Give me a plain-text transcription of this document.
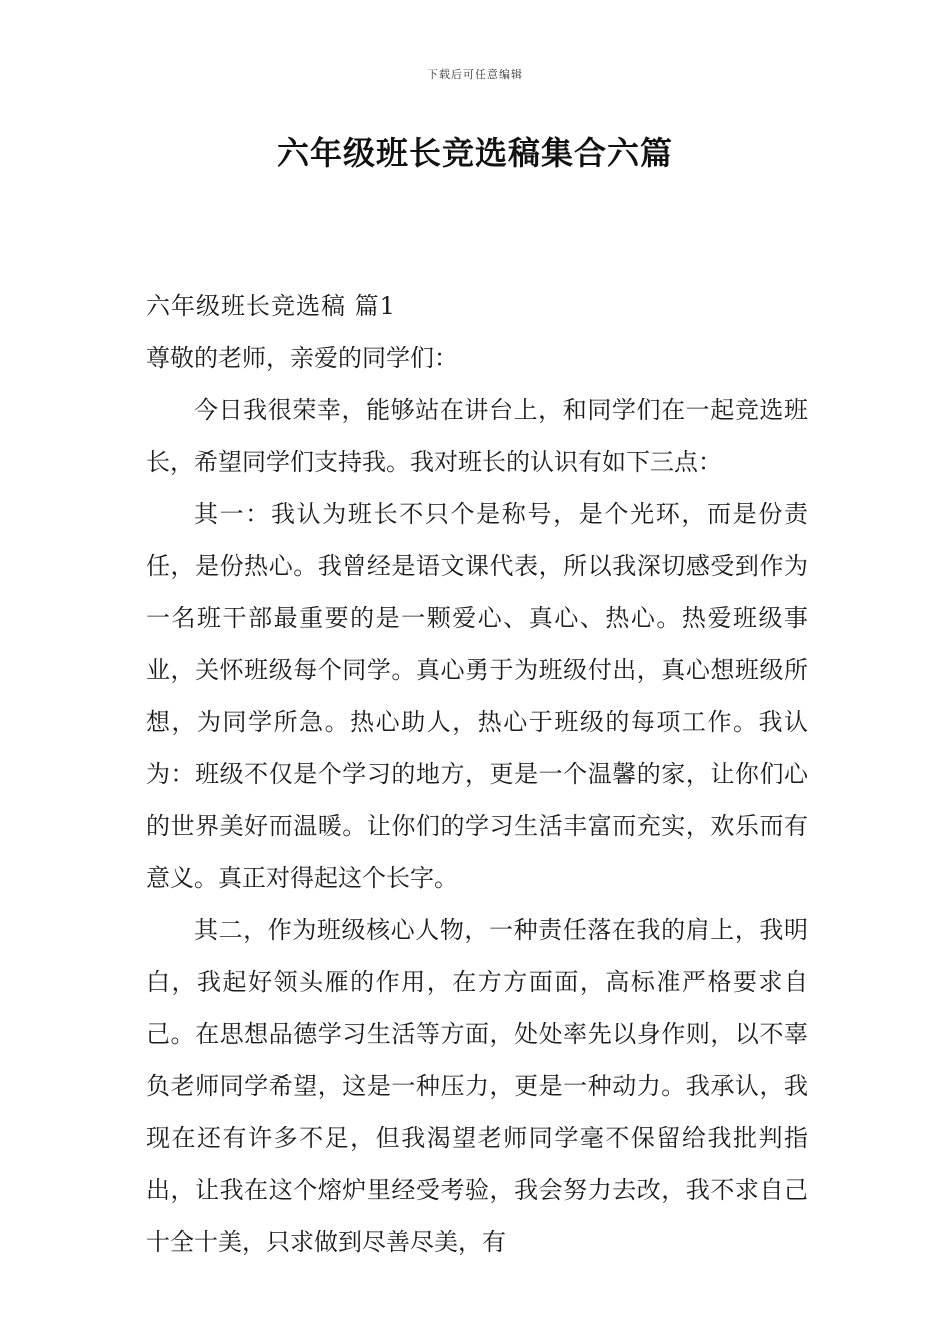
下载后可任意编辑
六年级班长竞选稿集合六篇

六年级班长竞选稿 篇1

尊敬的老师，亲爱的同学们：

今日我很荣幸，能够站在讲台上，和同学们在一起竞选班长，希望同学们支持我。我对班长的认识有如下三点：

其一：我认为班长不只个是称号，是个光环，而是份责任，是份热心。我曾经是语文课代表，所以我深切感受到作为一名班干部最重要的是一颗爱心、真心、热心。热爱班级事业，关怀班级每个同学。真心勇于为班级付出，真心想班级所想，为同学所急。热心助人，热心于班级的每项工作。我认为：班级不仅是个学习的地方，更是一个温馨的家，让你们心的世界美好而温暖。让你们的学习生活丰富而充实，欢乐而有意义。真正对得起这个长字。

其二，作为班级核心人物，一种责任落在我的肩上，我明白，我起好领头雁的作用，在方方面面，高标准严格要求自己。在思想品德学习生活等方面，处处率先以身作则，以不辜负老师同学希望，这是一种压力，更是一种动力。我承认，我现在还有许多不足，但我渴望老师同学毫不保留给我批判指出，让我在这个熔炉里经受考验，我会努力去改，我不求自己十全十美，只求做到尽善尽美，有
